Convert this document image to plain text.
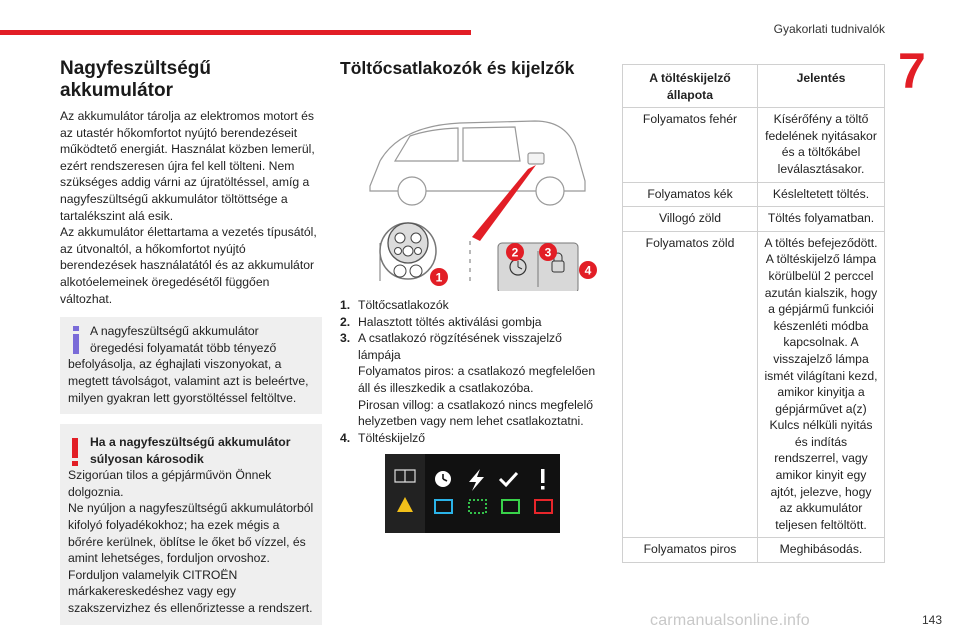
Gyakorlati tudnivalók
7
Nagyfeszültségű akkumulátor

Az akkumulátor tárolja az elektromos motort és az utastér hőkomfortot nyújtó berendezéseit működtető energiát. Használat közben lemerül, ezért rendszeresen újra fel kell tölteni. Nem szükséges addig várni az újratöltéssel, amíg a nagyfeszültségű akkumulátor töltöttsége a tartalékszint alá esik.

Az akkumulátor élettartama a vezetés típusától, az útvonaltól, a hőkomfortot nyújtó berendezések használatától és az akkumulátor alkotóelemeinek öregedésétől függően változhat.

A nagyfeszültségű akkumulátor
öregedési folyamatát több tényező
befolyásolja, az éghajlati viszonyokat, a megtett távolságot, valamint azt is beleértve, milyen gyakran lett gyorstöltéssel feltöltve.
Ha a nagyfeszültségű akkumulátor súlyosan károsodik

Szigorúan tilos a gépjárművön Önnek dolgoznia.

Ne nyúljon a nagyfeszültségű akkumulátorból kifolyó folyadékokhoz; ha ezek mégis a bőrére kerülnek, öblítse le őket bő vízzel, és amint lehetséges, forduljon orvoshoz.

Forduljon valamelyik CITROËN márkakereskedéshez vagy egy szakszervizhez és ellenőriztesse a rendszert.

Töltőcsatlakozók és kijelzők
1
2 3
4
1. Töltőcsatlakozók
2. Halasztott töltés aktiválási gombja
3. A csatlakozó rögzítésének visszajelző lámpája
Folyamatos piros: a csatlakozó megfelelően áll és illeszkedik a csatlakozóba.
Pirosan villog: a csatlakozó nincs megfelelő helyzetben vagy nem lehet csatlakoztatni.
4. Töltéskijelző
i
A töltéskijelző állapota	Jelentés
Folyamatos fehér	Kísérőfény a töltő fedelének nyitásakor és a töltőkábel leválasztásakor.
Folyamatos kék	Késleltetett töltés.
Villogó zöld	Töltés folyamatban.
Folyamatos zöld	A töltés befejeződött. A töltéskijelző lámpa körülbelül 2 perccel azután kialszik, hogy a gépjármű funkciói készenléti módba kapcsolnak. A visszajelző lámpa ismét világítani kezd, amikor kinyitja a gépjárművet a(z) Kulcs nélküli nyitás és indítás rendszerrel, vagy amikor kinyit egy ajtót, jelezve, hogy az akkumulátor teljesen feltöltött.
Folyamatos piros	Meghibásodás.
carmanualsonline.info	143
